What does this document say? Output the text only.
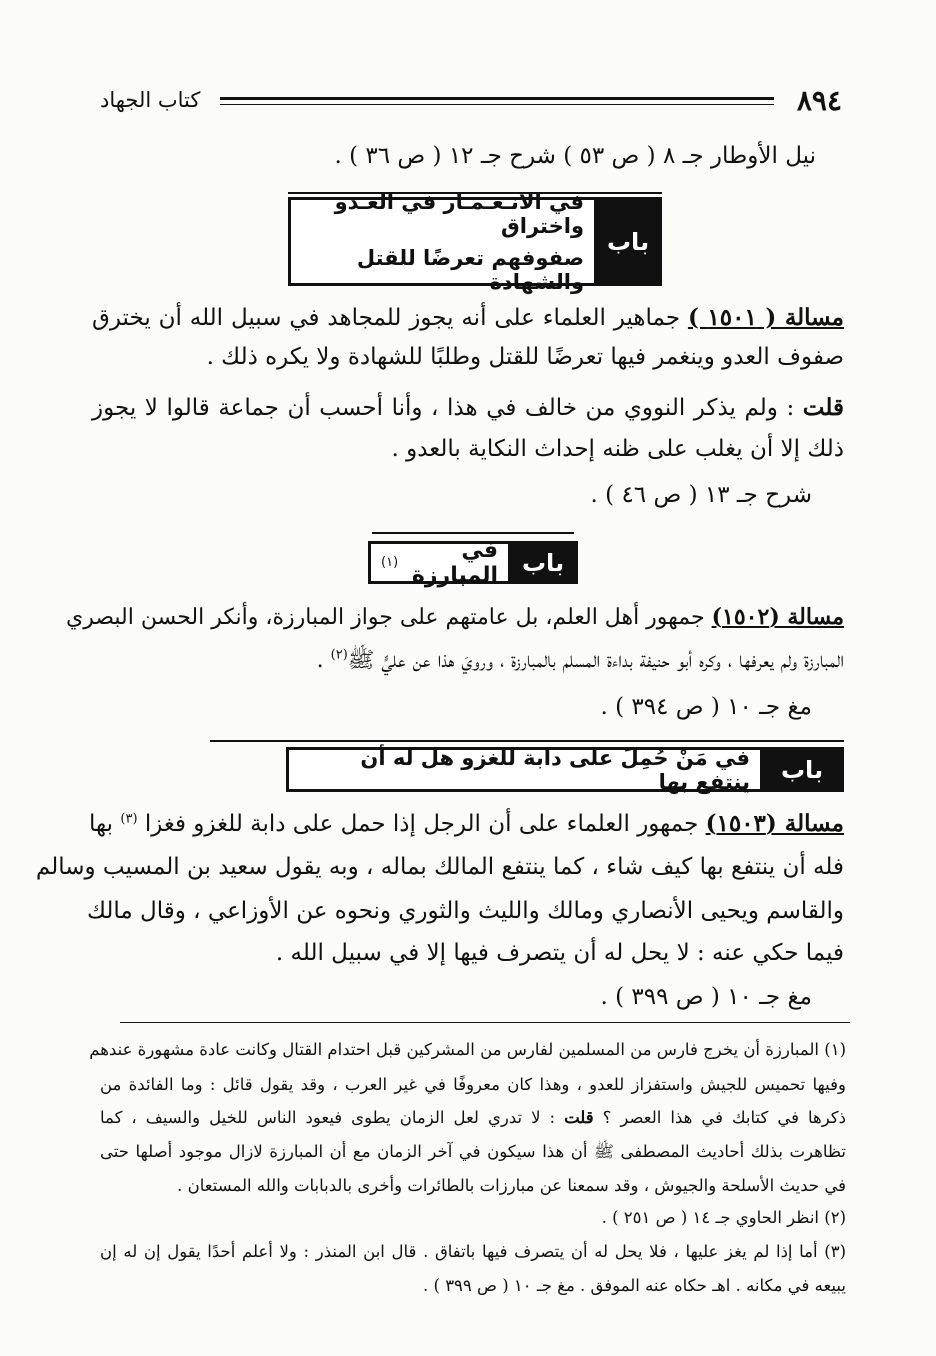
٨٩٤
كتاب الجهاد
نيل الأوطار جـ ٨ ( ص ٥٣ ) شرح جـ ١٢ ( ص ٣٦ ) .
باب
في الانـغـمـار في العـدو واختراق
صفوفهم تعرضًا للقتل والشهادة
مسالة ( ١٥٠١ ) جماهير العلماء على أنه يجوز للمجاهد في سبيل الله أن يخترق
صفوف العدو وينغمر فيها تعرضًا للقتل وطلبًا للشهادة ولا يكره ذلك .
قلت : ولم يذكر النووي من خالف في هذا ، وأنا أحسب أن جماعة قالوا لا يجوز
ذلك إلا أن يغلب على ظنه إحداث النكاية بالعدو .
شرح جـ ١٣ ( ص ٤٦ ) .
باب
في المبارزة
(١)
مسالة (١٥٠٢) جمهور أهل العلم، بل عامتهم على جواز المبارزة، وأنكر الحسن البصري
المبارزة ولم يعرفها ، وكره أبو حنيفة بداءة المسلم بالمبارزة ، ورويَ هذا عن عليٍّ ﷺ$^{(٢)}$ .
مغ جـ ١٠ ( ص ٣٩٤ ) .
باب
في مَنْ حُمِلَ على دابة للغزو هل له أن ينتفع بها
مسالة (١٥٠٣) جمهور العلماء على أن الرجل إذا حمل على دابة للغزو فغزا $^{(٣)}$ بها
فله أن ينتفع بها كيف شاء ، كما ينتفع المالك بماله ، وبه يقول سعيد بن المسيب وسالم
والقاسم ويحيى الأنصاري ومالك والليث والثوري ونحوه عن الأوزاعي ، وقال مالك
فيما حكي عنه : لا يحل له أن يتصرف فيها إلا في سبيل الله .
مغ جـ ١٠ ( ص ٣٩٩ ) .
(١) المبارزة أن يخرج فارس من المسلمين لفارس من المشركين قبل احتدام القتال وكانت عادة مشهورة عندهم
وفيها تحميس للجيش واستفزاز للعدو ، وهذا كان معروفًا في غير العرب ، وقد يقول قائل : وما الفائدة من
ذكرها في كتابك في هذا العصر ؟ قلت : لا تدري لعل الزمان يطوى فيعود الناس للخيل والسيف ، كما
تظاهرت بذلك أحاديث المصطفى ﷺ أن هذا سيكون في آخر الزمان مع أن المبارزة لازال موجود أصلها حتى
في حديث الأسلحة والجيوش ، وقد سمعنا عن مبارزات بالطائرات وأخرى بالدبابات والله المستعان .
(٢) انظر الحاوي جـ ١٤ ( ص ٢٥١ ) .
(٣) أما إذا لم يغز عليها ، فلا يحل له أن يتصرف فيها باتفاق . قال ابن المنذر : ولا أعلم أحدًا يقول إن له إن
يبيعه في مكانه . اهـ حكاه عنه الموفق . مغ جـ ١٠ ( ص ٣٩٩ ) .
